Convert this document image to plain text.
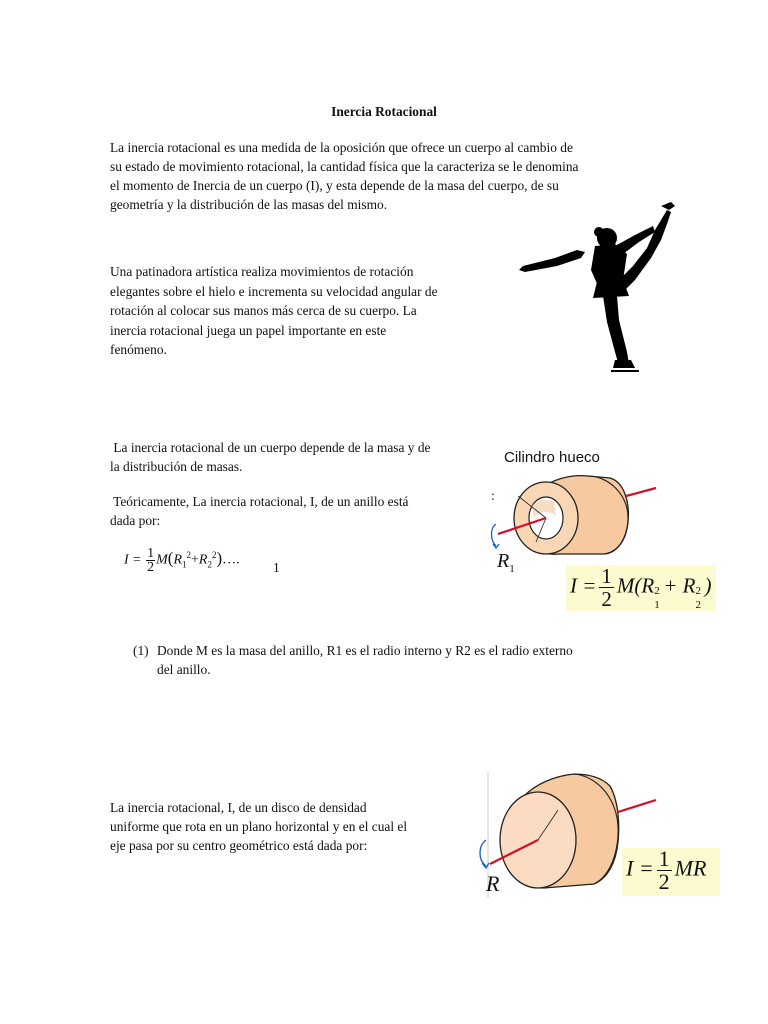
Inercia Rotacional
La inercia rotacional es una medida de la oposición que ofrece un cuerpo al cambio de
su estado de movimiento rotacional, la cantidad física que la caracteriza se le denomina
el momento de Inercia de un cuerpo (I), y esta depende de la masa del cuerpo, de su
geometría y la distribución de las masas del mismo.
Una patinadora artística realiza movimientos de rotación
elegantes sobre el hielo e incrementa su velocidad angular de
rotación al colocar sus manos más cerca de su cuerpo. La
inercia rotacional juega un papel importante en este
fenómeno.
La inercia rotacional de un cuerpo depende de la masa y de
la distribución de masas.
Teóricamente, La inercia rotacional, I, de un anillo está
dada por:
$I = \frac{1}{2}$ $M(R_1^2+R_2^2)\dots$. 1
Cilindro hueco
:
$R_1$
$I = \frac{1}{2} M(R$ 2
1
+ R 2
2
)
(1) Donde M es la masa del anillo, R1 es el radio interno y R2 es el radio externo
del anillo.
La inercia rotacional, I, de un disco de densidad
uniforme que rota en un plano horizontal y en el cual el
eje pasa por su centro geométrico está dada por:
R
$I = \frac{1}{2}$ MR
